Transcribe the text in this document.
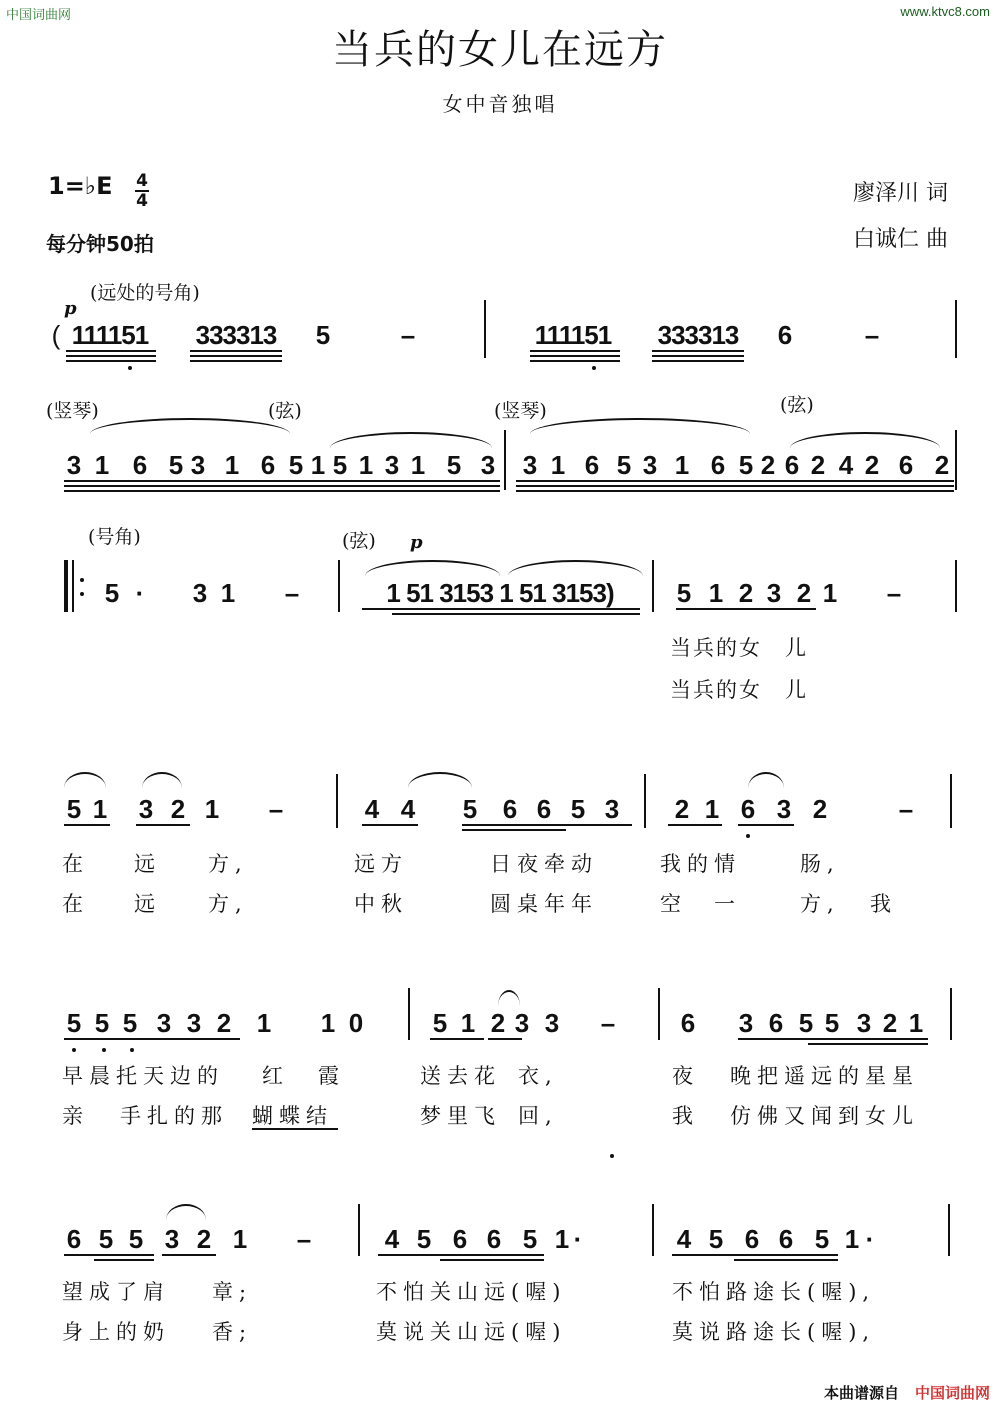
中国词曲网	www.ktvc8.com
当兵的女儿在远方
女中音独唱
1=♭E 4
4
每分钟50拍
廖泽川 词
白诚仁 曲
(远处的号角)
p
( 111151 333313 5	–	111151 333313 6	–
(竖琴)	(弦)	(竖琴)	(弦)
3 1 6 5 3 1 6 5 1 5 1 3 1 5 3 3 1 6 5 3 1 6 5 2 6 2 4 2 6 2
(号角)	(弦) p
5 · 3 1 –	1 51 3153 1 51 3153) 5 1 2 3 2 1 –
当兵的女　儿
当兵的女　儿
5 1 3 2 1 –	4 4 5 6 6 5 3 2 1 6 3 2	–
在 远 方,	远方	日夜牵动	我的情	肠,
在 远 方,	中秋	圆桌年年	空　一	方, 我
5 5 5 3 3 2 1 1 0	5 1 2 3 3 –	6 3 6 5 5 3 2 1
早晨托天边的 红 霞	送去花 衣,	夜 晚把遥远的星星
亲 手扎的那 蝴蝶结	梦里飞 回,	我 仿佛又闻到女儿
6 5 5 3 2 1 –	4 5 6 6 5 1 ·	4 5 6 6 5 1 ·
望成了肩 章;	不怕关山远(喔)	不怕路途长(喔),
身上的奶 香;	莫说关山远(喔)	莫说路途长(喔),
本曲谱源自 中国词曲网
